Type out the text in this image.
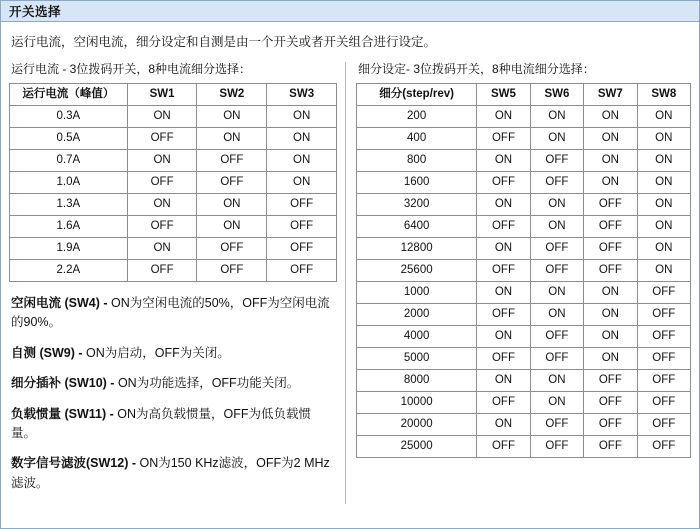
开关选择
运行电流，空闲电流，细分设定和自测是由一个开关或者开关组合进行设定。
运行电流 - 3位拨码开关，8种电流细分选择：
运行电流（峰值）	SW1	SW2	SW3
0.3A	ON	ON	ON
0.5A	OFF	ON	ON
0.7A	ON	OFF	ON
1.0A	OFF	OFF	ON
1.3A	ON	ON	OFF
1.6A	OFF	ON	OFF
1.9A	ON	OFF	OFF
2.2A	OFF	OFF	OFF
空闲电流 (SW4) - ON为空闲电流的50%，OFF为空闲电流的90%。
自测 (SW9) - ON为启动，OFF为关闭。
细分插补 (SW10) - ON为功能选择，OFF功能关闭。
负载惯量 (SW11) - ON为高负载惯量，OFF为低负载惯量。
数字信号滤波(SW12) - ON为150 KHz滤波，OFF为2 MHz滤波。
细分设定- 3位拨码开关，8种电流细分选择：
细分(step/rev)	SW5	SW6	SW7	SW8
200	ON	ON	ON	ON
400	OFF	ON	ON	ON
800	ON	OFF	ON	ON
1600	OFF	OFF	ON	ON
3200	ON	ON	OFF	ON
6400	OFF	ON	OFF	ON
12800	ON	OFF	OFF	ON
25600	OFF	OFF	OFF	ON
1000	ON	ON	ON	OFF
2000	OFF	ON	ON	OFF
4000	ON	OFF	ON	OFF
5000	OFF	OFF	ON	OFF
8000	ON	ON	OFF	OFF
10000	OFF	ON	OFF	OFF
20000	ON	OFF	OFF	OFF
25000	OFF	OFF	OFF	OFF
